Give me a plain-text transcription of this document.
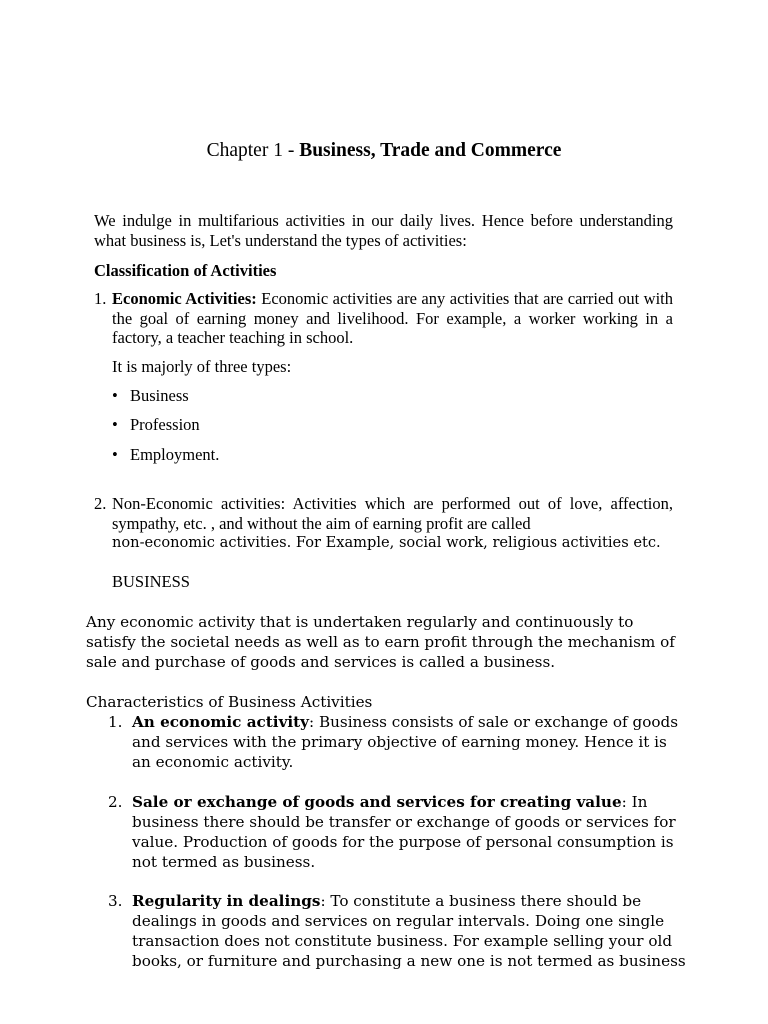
Chapter 1 - Business, Trade and Commerce
We indulge in multifarious activities in our daily lives. Hence before understanding what business is, Let's understand the types of activities:
Classification of Activities
1. Economic Activities: Economic activities are any activities that are carried out with the goal of earning money and livelihood. For example, a worker working in a factory, a teacher teaching in school.
It is majorly of three types:
• Business
• Profession
• Employment.
2. Non-Economic activities: Activities which are performed out of love, affection, sympathy, etc. , and without the aim of earning profit are called
non-economic activities. For Example, social work, religious activities etc.
BUSINESS
Any economic activity that is undertaken regularly and continuously to
satisfy the societal needs as well as to earn profit through the mechanism of
sale and purchase of goods and services is called a business.
Characteristics of Business Activities
1. An economic activity: Business consists of sale or exchange of goods
and services with the primary objective of earning money. Hence it is
an economic activity.
2. Sale or exchange of goods and services for creating value: In
business there should be transfer or exchange of goods or services for
value. Production of goods for the purpose of personal consumption is
not termed as business.
3. Regularity in dealings: To constitute a business there should be
dealings in goods and services on regular intervals. Doing one single
transaction does not constitute business. For example selling your old
books, or furniture and purchasing a new one is not termed as business
